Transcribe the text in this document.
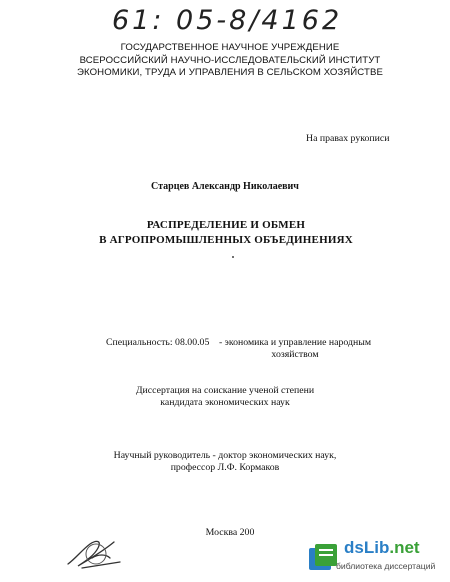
61: 05-8/4162
ГОСУДАРСТВЕННОЕ НАУЧНОЕ УЧРЕЖДЕНИЕ
ВСЕРОССИЙСКИЙ НАУЧНО-ИССЛЕДОВАТЕЛЬСКИЙ ИНСТИТУТ
ЭКОНОМИКИ, ТРУДА И УПРАВЛЕНИЯ В СЕЛЬСКОМ ХОЗЯЙСТВЕ
На правах рукописи
Старцев Александр Николаевич
РАСПРЕДЕЛЕНИЕ И ОБМЕН
В АГРОПРОМЫШЛЕННЫХ ОБЪЕДИНЕНИЯХ
Специальность: 08.00.05 - экономика и управление народным
хозяйством
Диссертация на соискание ученой степени
кандидата экономических наук
Научный руководитель - доктор экономических наук,
профессор Л.Ф. Кормаков
Москва 200
dsLib.net
библиотека диссертаций
